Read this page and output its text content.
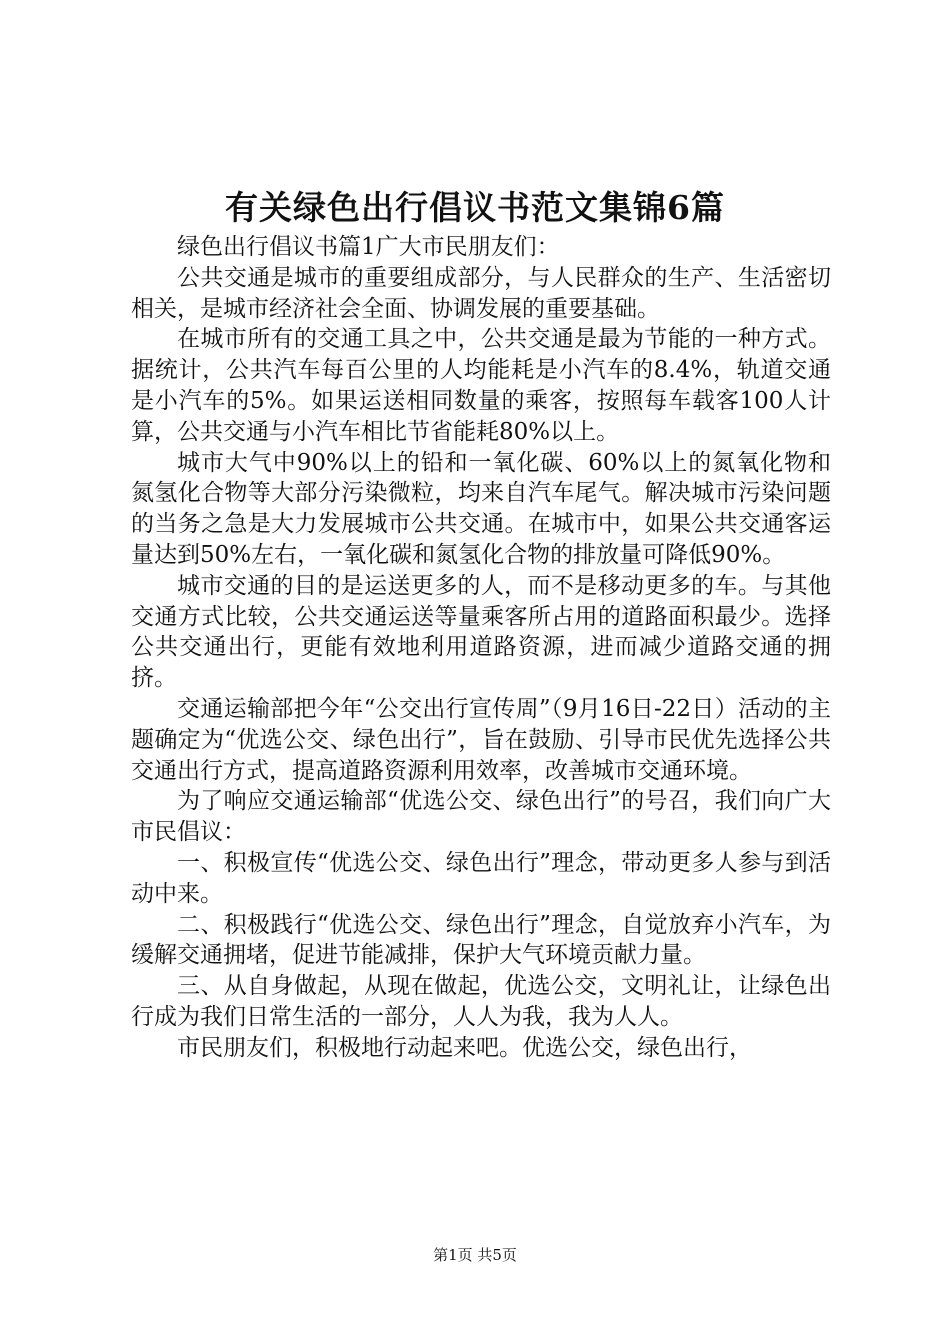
有关绿色出行倡议书范文集锦6篇

绿色出行倡议书篇1广大市民朋友们：

公共交通是城市的重要组成部分，与人民群众的生产、生活密切相关，是城市经济社会全面、协调发展的重要基础。

在城市所有的交通工具之中，公共交通是最为节能的一种方式。据统计，公共汽车每百公里的人均能耗是小汽车的8.4%，轨道交通是小汽车的5%。如果运送相同数量的乘客，按照每车载客100人计算，公共交通与小汽车相比节省能耗80%以上。

城市大气中90%以上的铅和一氧化碳、60%以上的氮氧化物和氮氢化合物等大部分污染微粒，均来自汽车尾气。解决城市污染问题的当务之急是大力发展城市公共交通。在城市中，如果公共交通客运量达到50%左右，一氧化碳和氮氢化合物的排放量可降低90%。

城市交通的目的是运送更多的人，而不是移动更多的车。与其他交通方式比较，公共交通运送等量乘客所占用的道路面积最少。选择公共交通出行，更能有效地利用道路资源，进而减少道路交通的拥挤。

交通运输部把今年“公交出行宣传周”（9月16日-22日）活动的主题确定为“优选公交、绿色出行”，旨在鼓励、引导市民优先选择公共交通出行方式，提高道路资源利用效率，改善城市交通环境。

为了响应交通运输部“优选公交、绿色出行”的号召，我们向广大市民倡议：

一、积极宣传“优选公交、绿色出行”理念，带动更多人参与到活动中来。

二、积极践行“优选公交、绿色出行”理念，自觉放弃小汽车，为缓解交通拥堵，促进节能减排，保护大气环境贡献力量。

三、从自身做起，从现在做起，优选公交，文明礼让，让绿色出行成为我们日常生活的一部分，人人为我，我为人人。

市民朋友们，积极地行动起来吧。优选公交，绿色出行，

第1页 共5页
